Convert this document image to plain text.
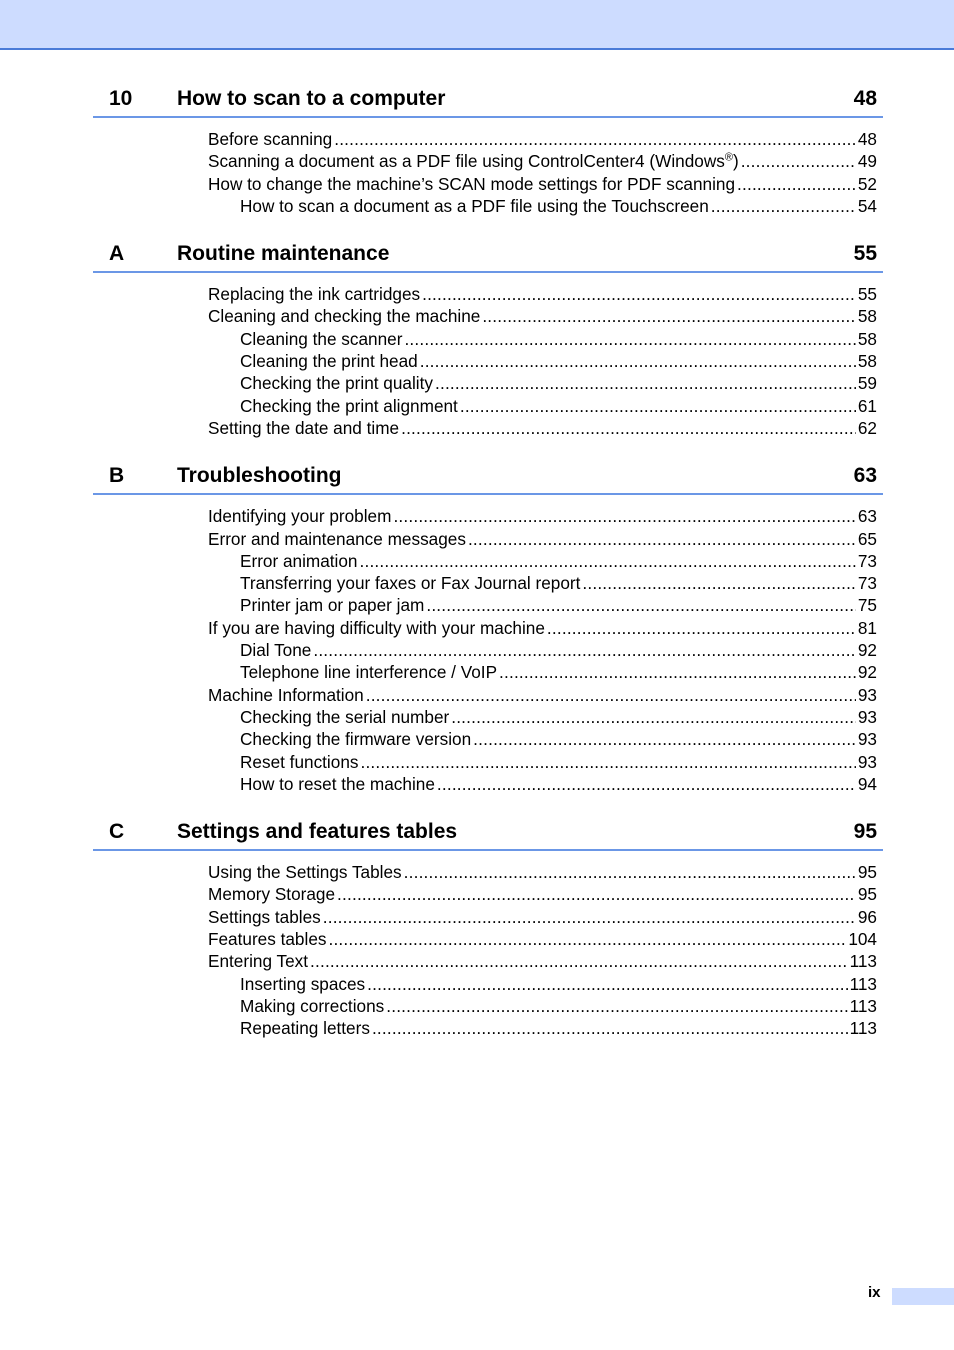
10 How to scan to a computer	48
Before scanning .....	48
Scanning a document as a PDF file using ControlCenter4 (Windows®) .....	49
How to change the machine’s SCAN mode settings for PDF scanning .....	52
How to scan a document as a PDF file using the Touchscreen .....	54
A	Routine maintenance	55
Replacing the ink cartridges .....	55
Cleaning and checking the machine .....	58
Cleaning the scanner .....	58
Cleaning the print head .....	58
Checking the print quality .....	59
Checking the print alignment .....	61
Setting the date and time .....	62
B	Troubleshooting	63
Identifying your problem .....	63
Error and maintenance messages .....	65
Error animation .....	73
Transferring your faxes or Fax Journal report .....	73
Printer jam or paper jam .....	75
If you are having difficulty with your machine .....	81
Dial Tone .....	92
Telephone line interference / VoIP .....	92
Machine Information .....	93
Checking the serial number .....	93
Checking the firmware version .....	93
Reset functions .....	93
How to reset the machine .....	94
C	Settings and features tables	95
Using the Settings Tables .....	95
Memory Storage .....	95
Settings tables .....	96
Features tables .....	104
Entering Text .....	113
Inserting spaces .....	113
Making corrections .....	113
Repeating letters .....	113
ix
